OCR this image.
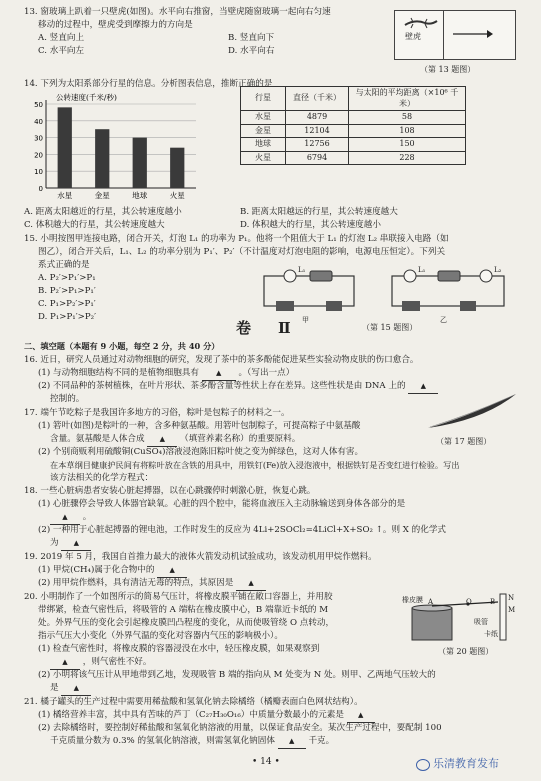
13. 窗玻璃上趴着一只壁虎(如图)。水平向右推窗，当壁虎随窗玻璃一起向右匀速
移动的过程中，壁虎受到摩擦力的方向是
A. 竖直向上	B. 竖直向下
C. 水平向左	D. 水平向右
壁虎
（第 13 题图）
14. 下列为太阳系部分行星的信息。分析图表信息，推断正确的是
0
10
20
30
40
50
公转速度(千米/秒)
水星	金星	地球	火星
行星	直径（千米）	与太阳的平均距离（×10⁶ 千米）
水星	4879	58
金星	12104	108
地球	12756	150
火星	6794	228
A. 距离太阳越近的行星，其公转速度越小	B. 距离太阳越远的行星，其公转速度越大
C. 体积越大的行星，其公转速度越大	D. 体积越大的行星，其公转速度越小
15. 小明按图甲连接电路，闭合开关，灯泡 L₁ 的功率为 P₁。他将一个阻值大于 L₁ 的灯泡 L₂ 串联接入电路（如
图乙），闭合开关后，L₁、L₂ 的功率分别为 P₁′、P₂′（不计温度对灯泡电阻的影响，电源电压恒定）。下列关
系式正确的是
A. P₂′>P₁′>P₁
B. P₂′>P₁>P₁′
C. P₁>P₂′>P₁′
D. P₁>P₁′>P₂′
L₁	L₁	L₂
甲	乙
（第 15 题图）
卷　Ⅱ
二、填空题（本题有 9 小题，每空 2 分，共 40 分）
16. 近日，研究人员通过对动物细胞的研究，发现了茶中的茶多酚能促进某些实验动物皮肤的伤口愈合。
(1) 与动物细胞结构不同的是植物细胞具有 ▲ 。（写出一点）
(2) 不同品种的茶树植株，在叶片形状、茶多酚含量等性状上存在差异。这些性状是由 DNA 上的 ▲
控制的。
17. 端午节吃粽子是我国许多地方的习俗，粽叶是包粽子的材料之一。
(1) 箬叶(如图)是粽叶的一种，含多种氨基酸。用箬叶包制粽子，可提高粽子中氨基酸
含量。氨基酸是人体合成 ▲ （填营养素名称）的重要原料。
(2) 个别商贩利用硫酸铜(CuSO₄)溶液浸泡陈旧粽叶使之变为鲜绿色，这对人体有害。
在本草纲目健康护民间有将粽叶放在含铁的用具中，用铁钉(Fe)放入浸泡液中，根据铁钉是否变红进行检验。写出
该方法相关的化学方程式：
（第 17 题图）
18. 一些心脏病患者安装心脏起搏器，以在心跳骤停时刺激心脏，恢复心跳。
(1) 心脏骤停会导致人体器官缺氧。心脏的四个腔中，能将血液压入主动脉输送到身体各部分的是
▲ 。
(2) 一种用于心脏起搏器的锂电池，工作时发生的反应为 4Li+2SOCl₂=4LiCl+X+SO₂ ↑。则 X 的化学式
为 ▲
19. 2019 年 5 月，我国自首推力最大的液体火箭发动机试验成功，该发动机用甲烷作燃料。
(1) 甲烷(CH₄)属于化合物中的 ▲
(2) 用甲烷作燃料，具有清洁无毒的特点，其原因是 ▲
20. 小明制作了一个如图所示的简易气压计，将橡皮膜平铺在敞口容器上，并用胶
带绑紧，检查气密性后，将吸管的 A 端粘在橡皮膜中心，B 端靠近卡纸的 M
处。外界气压的变化会引起橡皮膜凹凸程度的变化，从而使吸管绕 O 点转动，
指示气压大小变化（外界气温的变化对容器内气压的影响极小）。
(1) 检查气密性时，将橡皮膜的容器浸没在水中，轻压橡皮膜，如果观察到
▲ ，则气密性不好。
(2) 小明将该气压计从甲地带到乙地，发现吸管 B 端的指向从 M 处变为 N 处。则甲、乙两地气压较大的
是 ▲
橡皮膜 A	O	B N
M
吸管
卡纸
（第 20 题图）
21. 橘子罐头的生产过程中需要用稀盐酸和氢氧化钠去除橘络（橘瓣表面白色网状结构）。
(1) 橘络营养丰富，其中具有苦味的芦丁（C₂₇H₃₀O₁₆）中质量分数最小的元素是 ▲
(2) 去除橘络时，要控制好稀盐酸和氢氧化钠溶液的用量，以保证食品安全。某次生产过程中，要配制 100
千克质量分数为 0.3% 的氢氧化钠溶液，则需氢氧化钠固体 ▲ 千克。
• 14 •	乐清教育发布
